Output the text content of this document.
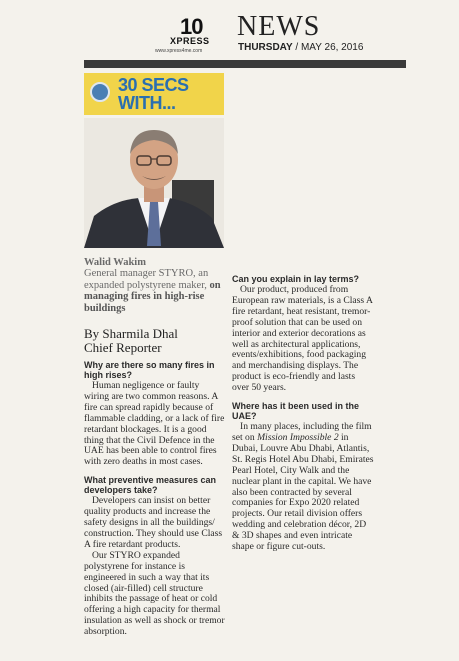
10
XPRESS
www.xpress4me.com
NEWS
THURSDAY / MAY 26, 2016
30 SECS WITH...
Walid Wakim
General manager STYRO, an expanded polystyrene maker, on managing fires in high-rise buildings
By Sharmila Dhal
Chief Reporter

Why are there so many fires in high rises?

Human negligence or faulty wiring are two common reasons. A fire can spread rapidly because of flammable cladding, or a lack of fire retardant blockages. It is a good thing that the Civil Defence in the UAE has been able to control fires with zero deaths in most cases.

What preventive measures can developers take?

Developers can insist on better quality products and increase the safety designs in all the buildings/ construction. They should use Class A fire retardant products.

Our STYRO expanded polystyrene for instance is engineered in such a way that its closed (air-filled) cell structure inhibits the passage of heat or cold offering a high capacity for thermal insulation as well as shock or tremor absorption.

Can you explain in lay terms?

Our product, produced from European raw materials, is a Class A fire retardant, heat resistant, tremor-proof solution that can be used on interior and exterior decorations as well as architectural applications, events/exhibitions, food packaging and merchandising displays. The product is eco-friendly and lasts over 50 years.

Where has it been used in the UAE?

In many places, including the film set on Mission Impossible 2 in Dubai, Louvre Abu Dhabi, Atlantis, St. Regis Hotel Abu Dhabi, Emirates Pearl Hotel, City Walk and the nuclear plant in the capital. We have also been contracted by several companies for Expo 2020 related projects. Our retail division offers wedding and celebration décor, 2D & 3D shapes and even intricate shape or figure cut-outs.
